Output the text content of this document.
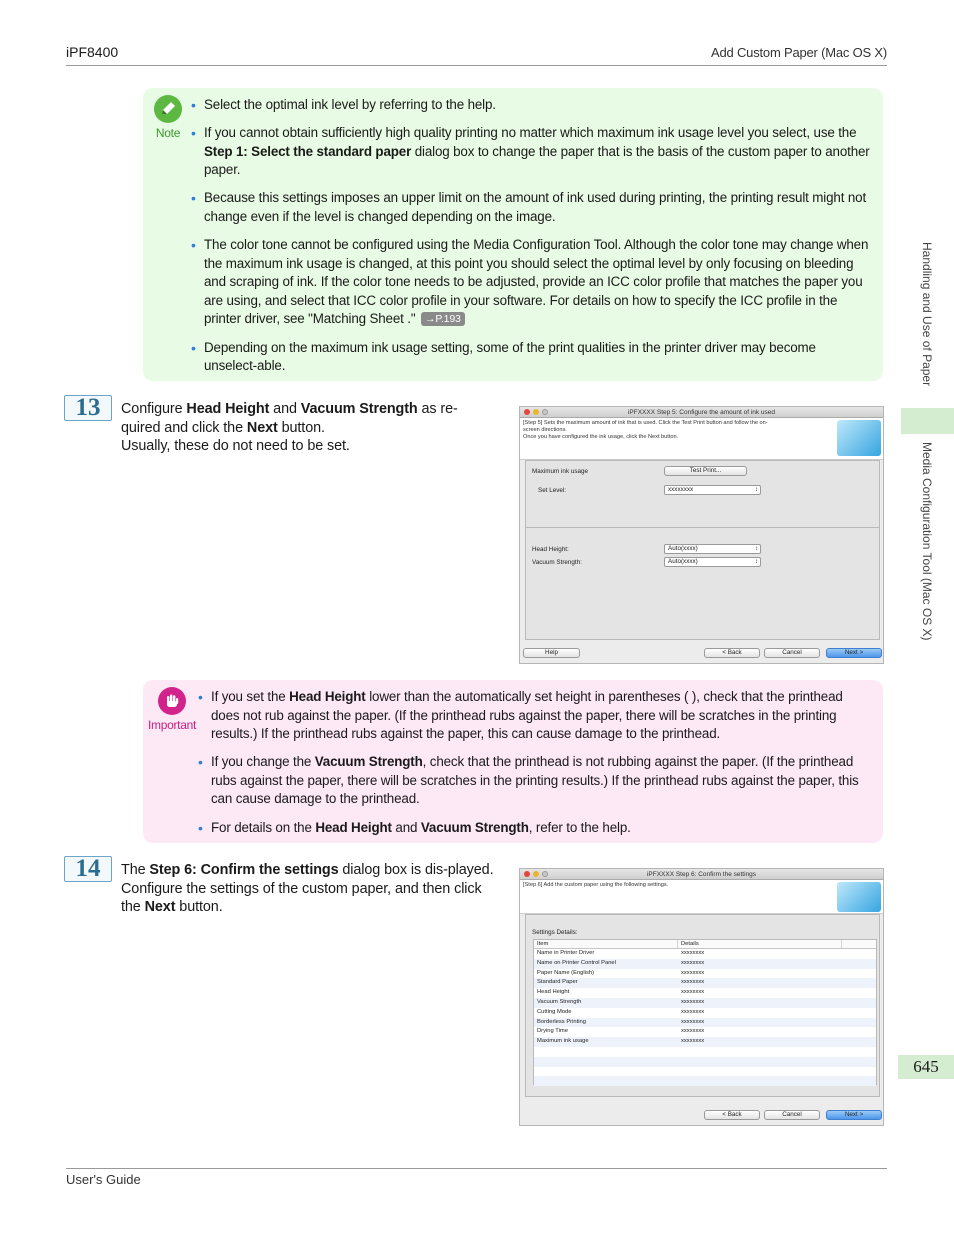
iPF8400	Add Custom Paper (Mac OS X)
Handling and Use of Paper
Media Configuration Tool (Mac OS X)
645
Note
• Select the optimal ink level by referring to the help.
• If you cannot obtain sufficiently high quality printing no matter which maximum ink usage level you select, use the Step 1: Select the standard paper dialog box to change the paper that is the basis of the custom paper to another paper.
• Because this settings imposes an upper limit on the amount of ink used during printing, the printing result might not change even if the level is changed depending on the image.
• The color tone cannot be configured using the Media Configuration Tool. Although the color tone may change when the maximum ink usage is changed, at this point you should select the optimal level by only focusing on bleeding and scraping of ink. If the color tone needs to be adjusted, provide an ICC color profile that matches the paper you are using, and select that ICC color profile in your software. For details on how to specify the ICC profile in the printer driver, see "Matching Sheet ." →P.193
• Depending on the maximum ink usage setting, some of the print qualities in the printer driver may become unselect-able.
13	Configure Head Height and Vacuum Strength as re-quired and click the Next button.
Usually, these do not need to be set.
iPFXXXX Step 5: Configure the amount of ink used
[Step 5] Sets the maximum amount of ink that is used. Click the Test Print button and follow the on-
screen directions.
Once you have configured the ink usage, click the Next button.
Maximum ink usage	Test Print...
Set Level:	xxxxxxxx ↕
Head Height:	Auto(xxxx) ↕
Vacuum Strength:	Auto(xxxx) ↕
Help	< Back	Cancel	Next >
Important
• If you set the Head Height lower than the automatically set height in parentheses ( ), check that the printhead does not rub against the paper. (If the printhead rubs against the paper, there will be scratches in the printing results.) If the printhead rubs against the paper, this can cause damage to the printhead.
• If you change the Vacuum Strength, check that the printhead is not rubbing against the paper. (If the printhead rubs against the paper, there will be scratches in the printing results.) If the printhead rubs against the paper, this can cause damage to the printhead.
• For details on the Head Height and Vacuum Strength, refer to the help.
14	The Step 6: Confirm the settings dialog box is dis-played.
Configure the settings of the custom paper, and then click the Next button.
iPFXXXX Step 6: Confirm the settings
[Step 6] Add the custom paper using the following settings.
Settings Details:
Item	Details
Name in Printer Driver	xxxxxxxx
Name on Printer Control Panel	xxxxxxxx
Paper Name (English)	xxxxxxxx
Standard Paper	xxxxxxxx
Head Height	xxxxxxxx
Vacuum Strength	xxxxxxxx
Cutting Mode	xxxxxxxx
Borderless Printing	xxxxxxxx
Drying Time	xxxxxxxx
Maximum ink usage	xxxxxxxx
< Back	Cancel	Next >
User's Guide
